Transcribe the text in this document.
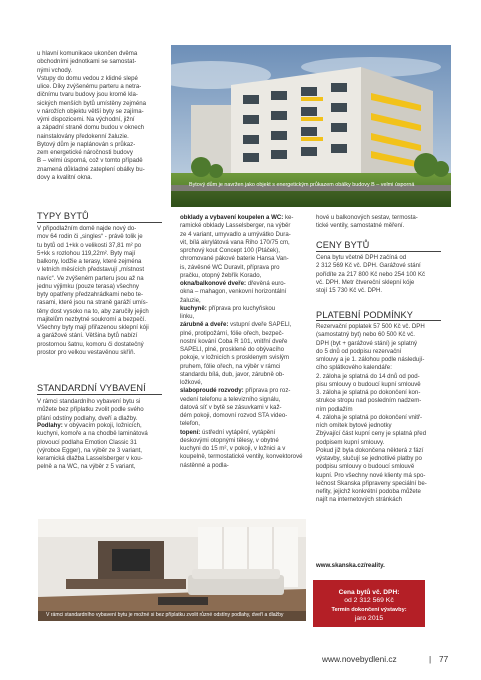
u hlavní komunikace ukončen dvěma
obchodními jednotkami se samostat-
nými vchody.
Vstupy do domu vedou z klidné slepé
ulice. Díky zvýšenému parteru a netra-
dičnímu tvaru budovy jsou kromě kla-
sických menších bytů umístěny zejména
v nárožích objektu větší byty se zajíma-
vými dispozicemi. Na východní, jižní
a západní straně domu budou v oknech
nainstalovány předokenní žaluzie.
Bytový dům je naplánován s průkaz-
zem energetické náročnosti budovy
B – velmi úsporná, což v tomto případě
znamená důkladné zateplení obálky bu-
dovy a kvalitní okna.
Bytový dům je navržen jako objekt s energetickým průkazem obálky budovy B – velmi úsporná
TYPY BYTŮ
V připodlažním domě najde nový do-
mov 64 rodin či „singles“ - právě tolik je
tu bytů od 1+kk o velikosti 37,81 m² po
5+kk s rozlohou 119,22m². Byty mají
balkony, lodžie a terasy, které zejména
v letních měsících představují „místnost
navíc“. Ve zvýšeném parteru jsou až na
jednu výjimku (pouze terasa) všechny
byty opatřeny předzahrádkami nebo te-
rasami, které jsou na straně garáží umís-
těny dost vysoko na to, aby zaručily jejich
majitelům nezbytné soukromí a bezpečí.
Všechny byty mají přiřazenou sklepní kóji
a garážové stání. Většina bytů nabízí
prostornou šatnu, komoru či dostatečný
prostor pro velkou vestavěnou skříň.
STANDARDNÍ VYBAVENÍ
V rámci standardního vybavení bytu si
můžete bez příplatku zvolit podle svého
přání odstíny podlahy, dveří a dlažby.
Podlahy: v obývacím pokoji, ložnicích,
kuchyni, komoře a na chodbě laminátová
plovoucí podlaha Emotion Classic 31
(výrobce Egger), na výběr ze 3 variant,
keramická dlažba Lasselsberger v kou-
pelně a na WC, na výběr z 5 variant,
obklady a vybavení koupelen a WC: ke-
ramické obklady Lasselsberger, na výběr
ze 4 variant, umyvadlo a umývátko Dura-
vit, bílá akrylátová vana Riho 170/75 cm,
sprchový kout Concept 100 (Ptáček),
chromované pákové baterie Hansa Van-
is, závěsné WC Duravit, příprava pro
pračku, otopný žebřík Korado,
okna/balkonové dveře: dřevěná euro-
okna – mahagon, venkovní horizontální
žaluzie,
kuchyně: příprava pro kuchyňskou
linku,
zárubně a dveře: vstupní dveře SAPELI,
plné, protipožární, fólie ořech, bezpeč-
nostní kování Coba R 101, vnitřní dveře
SAPELI, plné, prosklené do obývacího
pokoje, v ložnicích s prosklenym svislým
pruhem, fólie ořech, na výběr v rámci
standardu bílá, dub, javor, zárubně ob-
ložkové,
slaboproudé rozvody: příprava pro roz-
vedení telefonu a televizního signálu,
datová síť v bytě se zásuvkami v kaž-
dém pokoji, domovní rozvod STA video-
telefon,
topení: ústřední vytápění, vytápění
deskovými otopnými tělesy, v obytné
kuchyni do 15 m², v pokoji, v ložnici a v
koupelně, termostatické ventily, konvektorové nástěnné a podla-
hové u balkonových sestav, termosta-
tické ventily, samostatné měření.
CENY BYTŮ
Cena bytu včetně DPH začíná od
2 312 569 Kč vč. DPH. Garážové stání
pořídíte za 217 800 Kč nebo 254 100 Kč
vč. DPH. Metr čtvereční sklepní kóje
stojí 15 730 Kč vč. DPH.
PLATEBNÍ PODMÍNKY
Rezervační poplatek 57 500 Kč vč. DPH
(samostatný byt) nebo 60 500 Kč vč.
DPH (byt + garážové stání) je splatný
do 5 dnů od podpisu rezervační
smlouvy a je 1. zálohou podle následují-
cího splátkového kalendáře:
2. záloha je splatná do 14 dnů od pod-
pisu smlouvy o budoucí kupní smlouvě
3. záloha je splatná po dokončení kon-
strukce stropu nad posledním nadzem-
ním podlažím
4. záloha je splatná po dokončení vnitř-
ních omítek bytové jednotky
Zbývající část kupní ceny je splatná před
podpisem kupní smlouvy.
Pokud již byla dokončena některá z fází
výstavby, slučují se jednotlivé platby po
podpisu smlouvy o budoucí smlouvě
kupní. Pro všechny nové klienty má spo-
lečnost Skanska připraveny speciální be-
nefity, jejichž konkrétní podoba můžete
najít na internetových stránkách
www.skanska.cz/reality.
V rámci standardního vybavení bytu je možné si bez příplatku zvolit různé odstíny podlahy, dveří a dlažby
Cena bytů vč. DPH:
od 2 312 569 Kč
Termín dokončení výstavby:
jaro 2015
www.novebydleni.cz	| 77
